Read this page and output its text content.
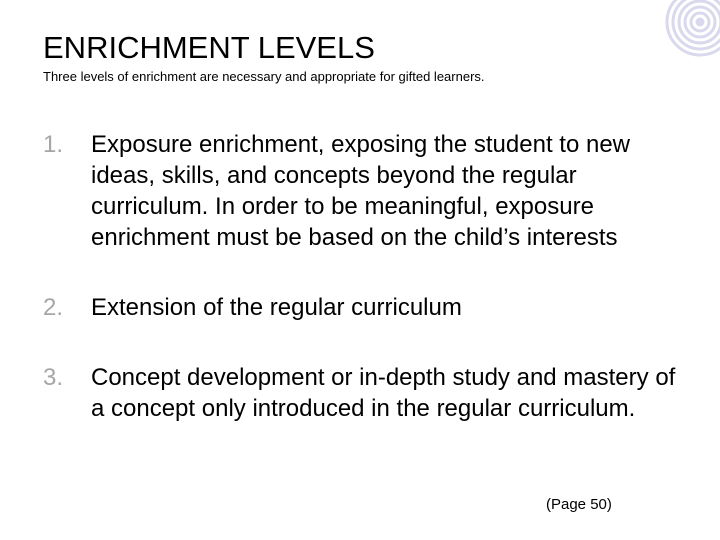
ENRICHMENT LEVELS
Three levels of enrichment are necessary and appropriate for gifted learners.
1. Exposure enrichment, exposing the student to new ideas, skills, and concepts beyond the regular curriculum. In order to be meaningful, exposure enrichment must be based on the child’s interests
2. Extension of the regular curriculum
3. Concept development or in-depth study and mastery of a concept only introduced in the regular curriculum.
(Page 50)
